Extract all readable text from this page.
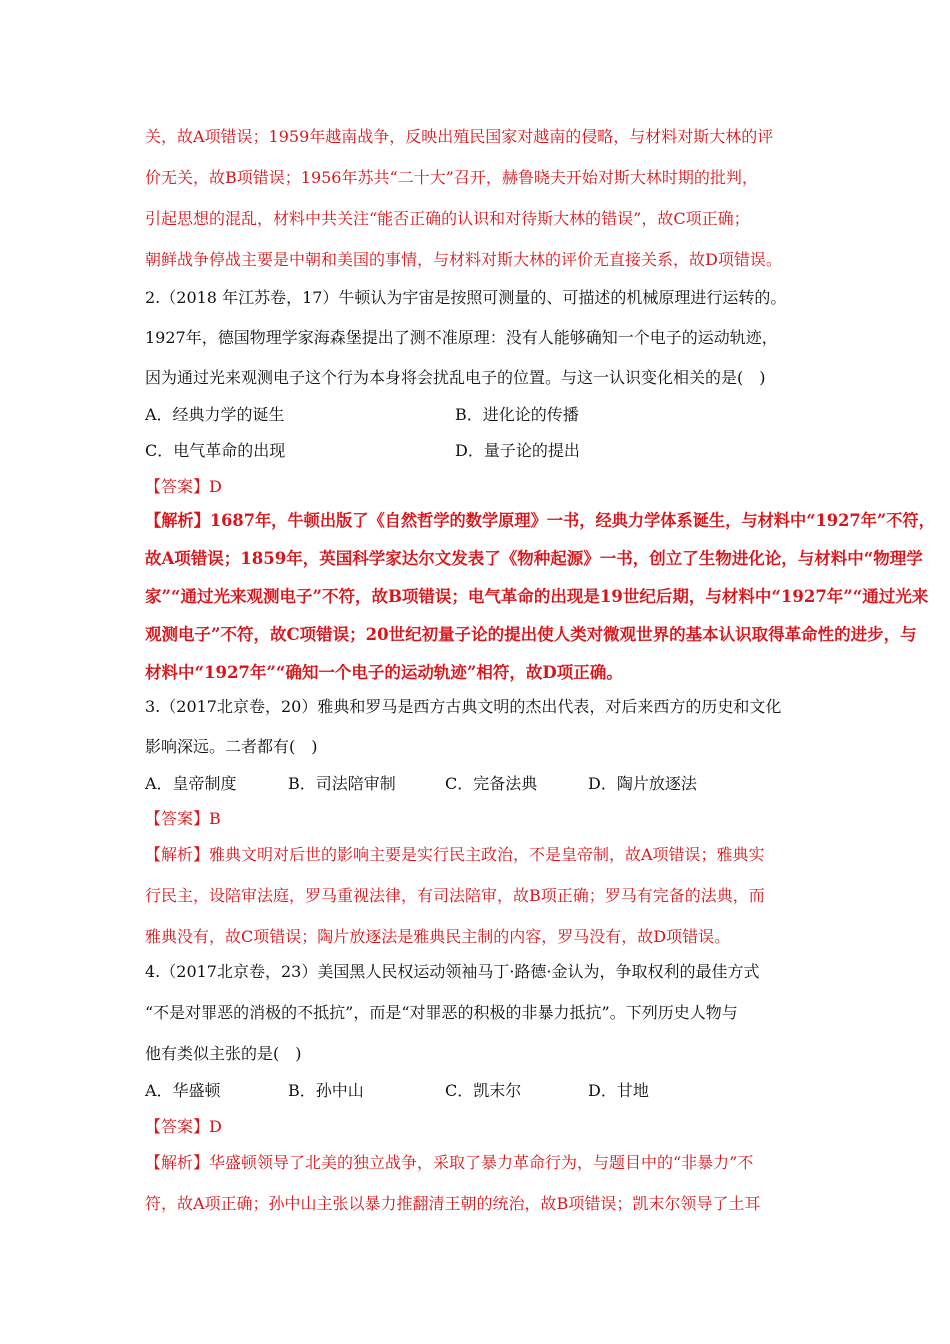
关，故A项错误；1959年越南战争，反映出殖民国家对越南的侵略，与材料对斯大林的评
价无关，故B项错误；1956年苏共“二十大”召开，赫鲁晓夫开始对斯大林时期的批判，
引起思想的混乱，材料中共关注“能否正确的认识和对待斯大林的错误”，故C项正确；
朝鲜战争停战主要是中朝和美国的事情，与材料对斯大林的评价无直接关系，故D项错误。
2.（2018 年江苏卷，17）牛顿认为宇宙是按照可测量的、可描述的机械原理进行运转的。
1927年，德国物理学家海森堡提出了测不准原理：没有人能够确知一个电子的运动轨迹，
因为通过光来观测电子这个行为本身将会扰乱电子的位置。与这一认识变化相关的是(　)
A．经典力学的诞生	B．进化论的传播
C．电气革命的出现	D．量子论的提出
【答案】D
【解析】1687年，牛顿出版了《自然哲学的数学原理》一书，经典力学体系诞生，与材料中“1927年”不符，
故A项错误；1859年，英国科学家达尔文发表了《物种起源》一书，创立了生物进化论，与材料中“物理学
家”“通过光来观测电子”不符，故B项错误；电气革命的出现是19世纪后期，与材料中“1927年”“通过光来
观测电子”不符，故C项错误；20世纪初量子论的提出使人类对微观世界的基本认识取得革命性的进步，与
材料中“1927年”“确知一个电子的运动轨迹”相符，故D项正确。
3.（2017北京卷，20）雅典和罗马是西方古典文明的杰出代表，对后来西方的历史和文化
影响深远。二者都有(　)
A．皇帝制度	B．司法陪审制	C．完备法典	D．陶片放逐法
【答案】B
【解析】雅典文明对后世的影响主要是实行民主政治，不是皇帝制，故A项错误；雅典实
行民主，设陪审法庭，罗马重视法律，有司法陪审，故B项正确；罗马有完备的法典，而
雅典没有，故C项错误；陶片放逐法是雅典民主制的内容，罗马没有，故D项错误。
4.（2017北京卷，23）美国黑人民权运动领袖马丁·路德·金认为，争取权利的最佳方式
“不是对罪恶的消极的不抵抗”，而是“对罪恶的积极的非暴力抵抗”。下列历史人物与
他有类似主张的是(　)
A．华盛顿	B．孙中山	C．凯末尔	D．甘地
【答案】D
【解析】华盛顿领导了北美的独立战争，采取了暴力革命行为，与题目中的“非暴力”不
符，故A项正确；孙中山主张以暴力推翻清王朝的统治，故B项错误；凯末尔领导了土耳
